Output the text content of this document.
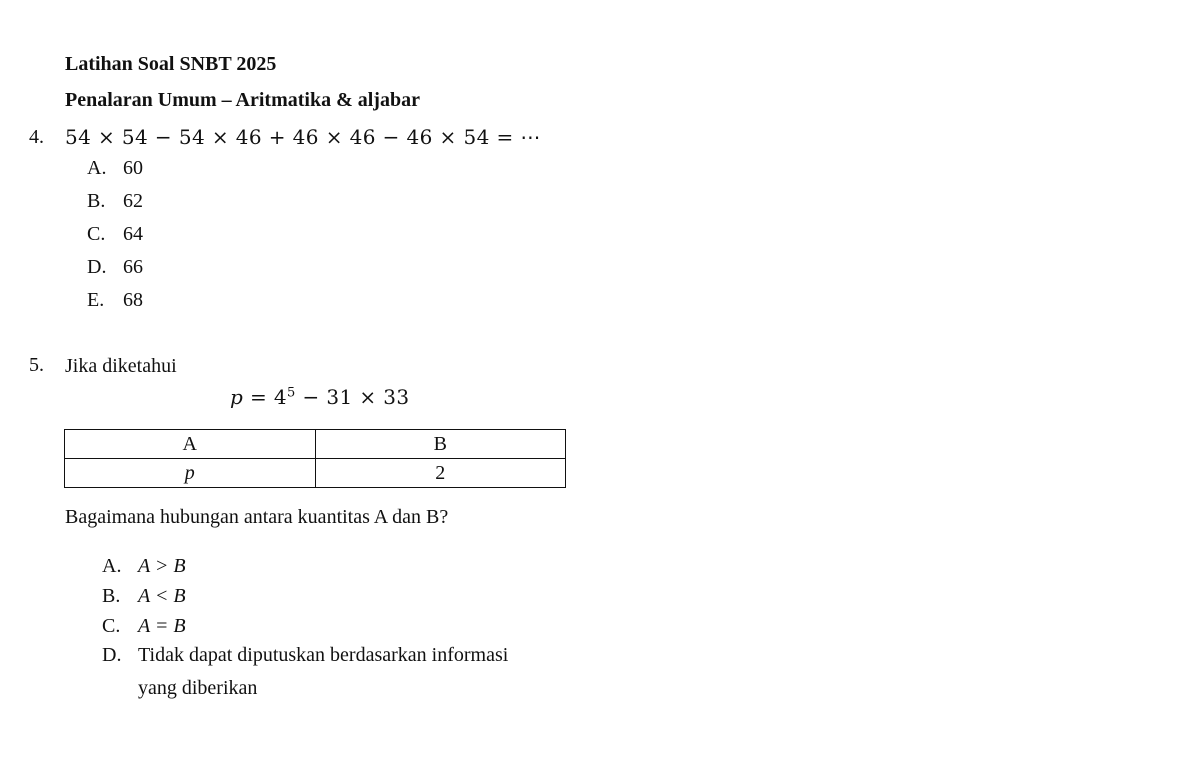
Latihan Soal SNBT 2025
Penalaran Umum – Aritmatika & aljabar
4. 54 × 54 − 54 × 46 + 46 × 46 − 46 × 54 = ⋯
A. 60
B. 62
C. 64
D. 66
E. 68
5. Jika diketahui
$p = 4^5 - 31 \times 33$
A	B
p	2
Bagaimana hubungan antara kuantitas A dan B?
A. A > B
B. A < B
C. A = B
D. Tidak dapat diputuskan berdasarkan informasi
yang diberikan
